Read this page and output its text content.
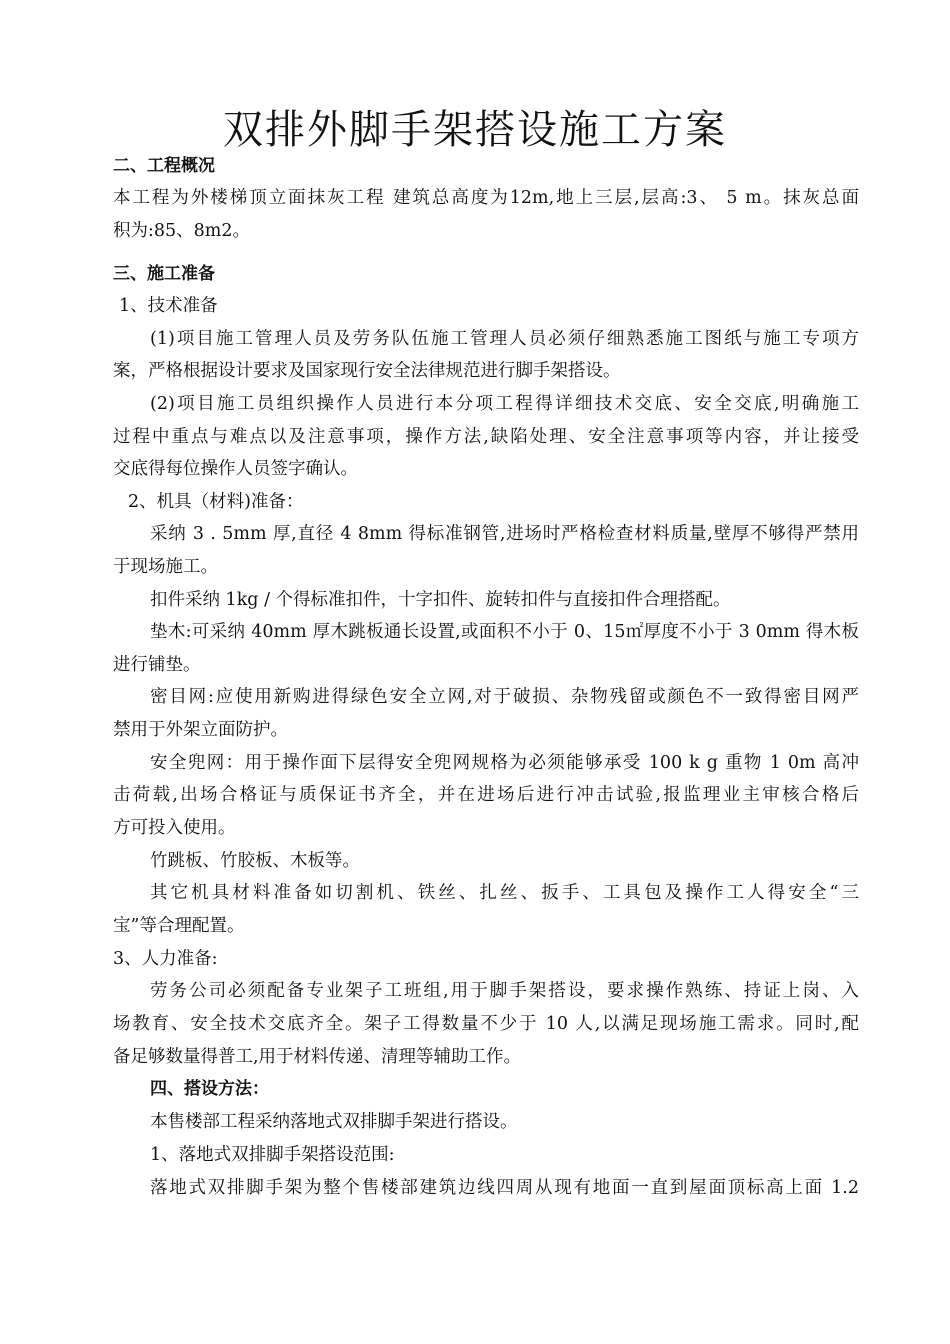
双排外脚手架搭设施工方案
二、工程概况
本工程为外楼梯顶立面抹灰工程 建筑总高度为12m,地上三层,层高:3、 5 m。抹灰总面
积为:85、8m2。
三、施工准备
1、技术准备
(1)项目施工管理人员及劳务队伍施工管理人员必须仔细熟悉施工图纸与施工专项方
案，严格根据设计要求及国家现行安全法律规范进行脚手架搭设。
(2)项目施工员组织操作人员进行本分项工程得详细技术交底、安全交底,明确施工
过程中重点与难点以及注意事项，操作方法,缺陷处理、安全注意事项等内容，并让接受
交底得每位操作人员签字确认。
2、机具（材料)准备：
采纳 3 . 5mm 厚,直径 4 8mm 得标准钢管,进场时严格检查材料质量,壁厚不够得严禁用
于现场施工。
扣件采纳 1kg / 个得标准扣件，十字扣件、旋转扣件与直接扣件合理搭配。
垫木:可采纳 40mm 厚木跳板通长设置,或面积不小于 0、15㎡厚度不小于 3 0mm 得木板
进行铺垫。
密目网:应使用新购进得绿色安全立网,对于破损、杂物残留或颜色不一致得密目网严
禁用于外架立面防护。
安全兜网：用于操作面下层得安全兜网规格为必须能够承受 100 k g 重物 1 0m 高冲
击荷载,出场合格证与质保证书齐全，并在进场后进行冲击试验,报监理业主审核合格后
方可投入使用。
竹跳板、竹胶板、木板等。
其它机具材料准备如切割机、铁丝、扎丝、扳手、工具包及操作工人得安全“三
宝”等合理配置。
3、人力准备:
劳务公司必须配备专业架子工班组,用于脚手架搭设，要求操作熟练、持证上岗、入
场教育、安全技术交底齐全。架子工得数量不少于 10 人,以满足现场施工需求。同时,配
备足够数量得普工,用于材料传递、清理等辅助工作。
四、搭设方法：
本售楼部工程采纳落地式双排脚手架进行搭设。
1、落地式双排脚手架搭设范围:
落地式双排脚手架为整个售楼部建筑边线四周从现有地面一直到屋面顶标高上面 1.2
